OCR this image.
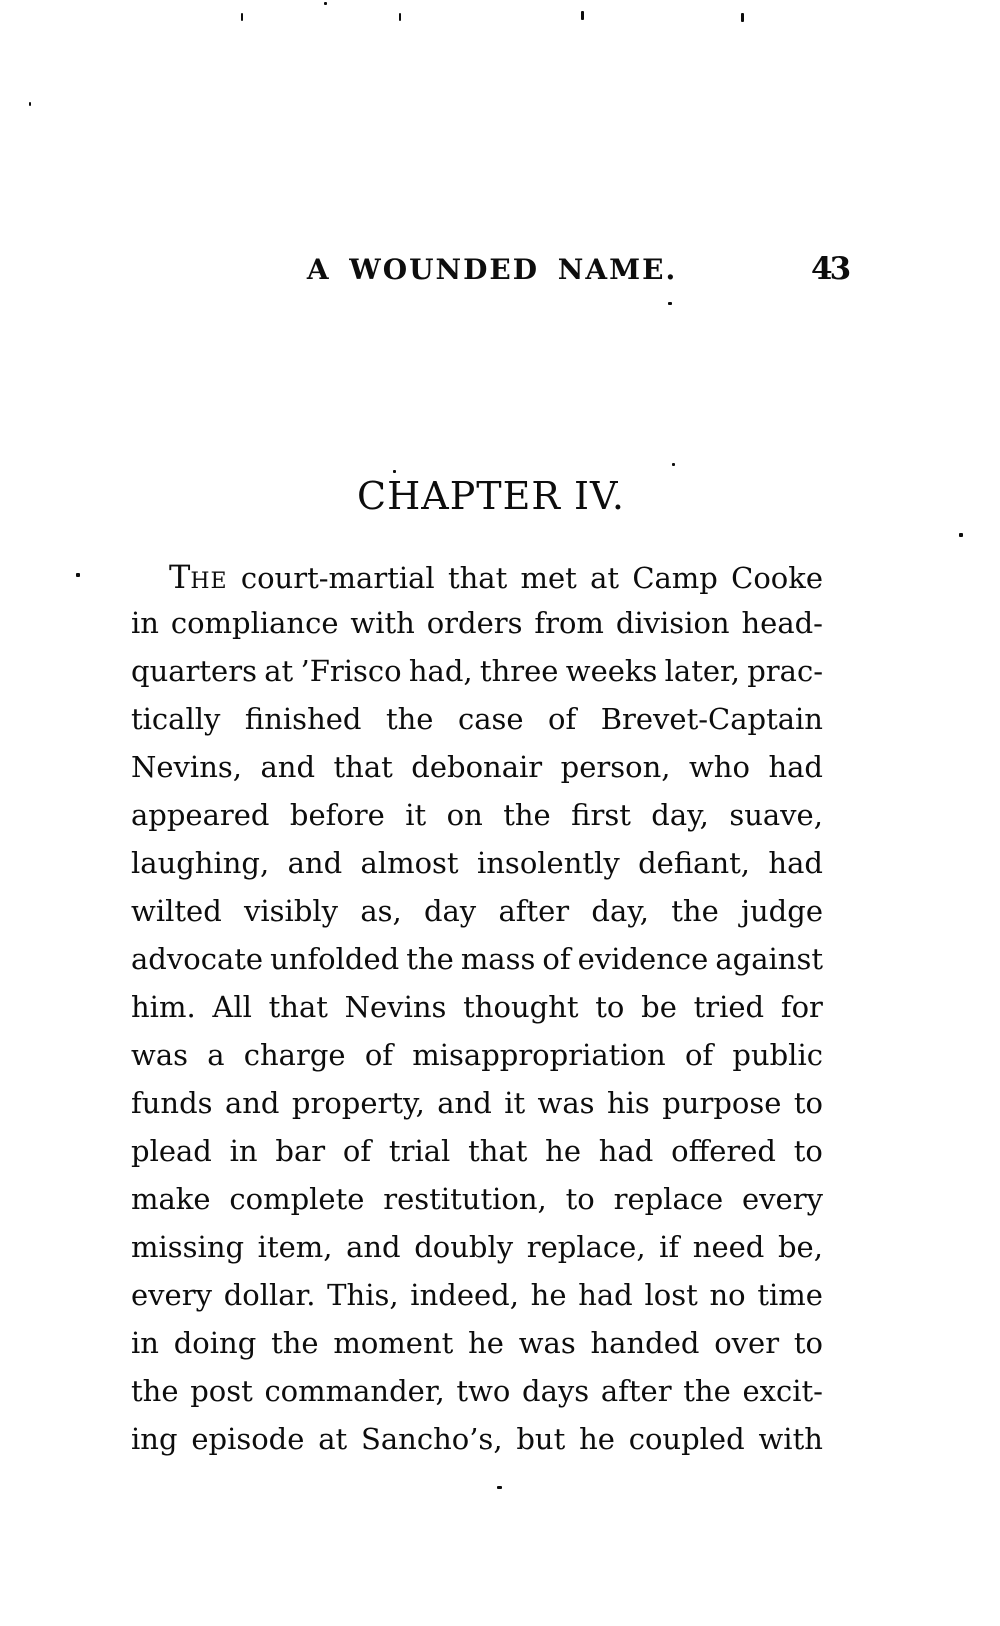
A WOUNDED NAME.	43
CHAPTER IV.
THE court-martial that met at Camp Cooke
in compliance with orders from division head-
quarters at ’Frisco had, three weeks later, prac-
tically finished the case of Brevet-Captain
Nevins, and that debonair person, who had
appeared before it on the first day, suave,
laughing, and almost insolently defiant, had
wilted visibly as, day after day, the judge
advocate unfolded the mass of evidence against
him. All that Nevins thought to be tried for
was a charge of misappropriation of public
funds and property, and it was his purpose to
plead in bar of trial that he had offered to
make complete restitution, to replace every
missing item, and doubly replace, if need be,
every dollar. This, indeed, he had lost no time
in doing the moment he was handed over to
the post commander, two days after the excit-
ing episode at Sancho’s, but he coupled with
